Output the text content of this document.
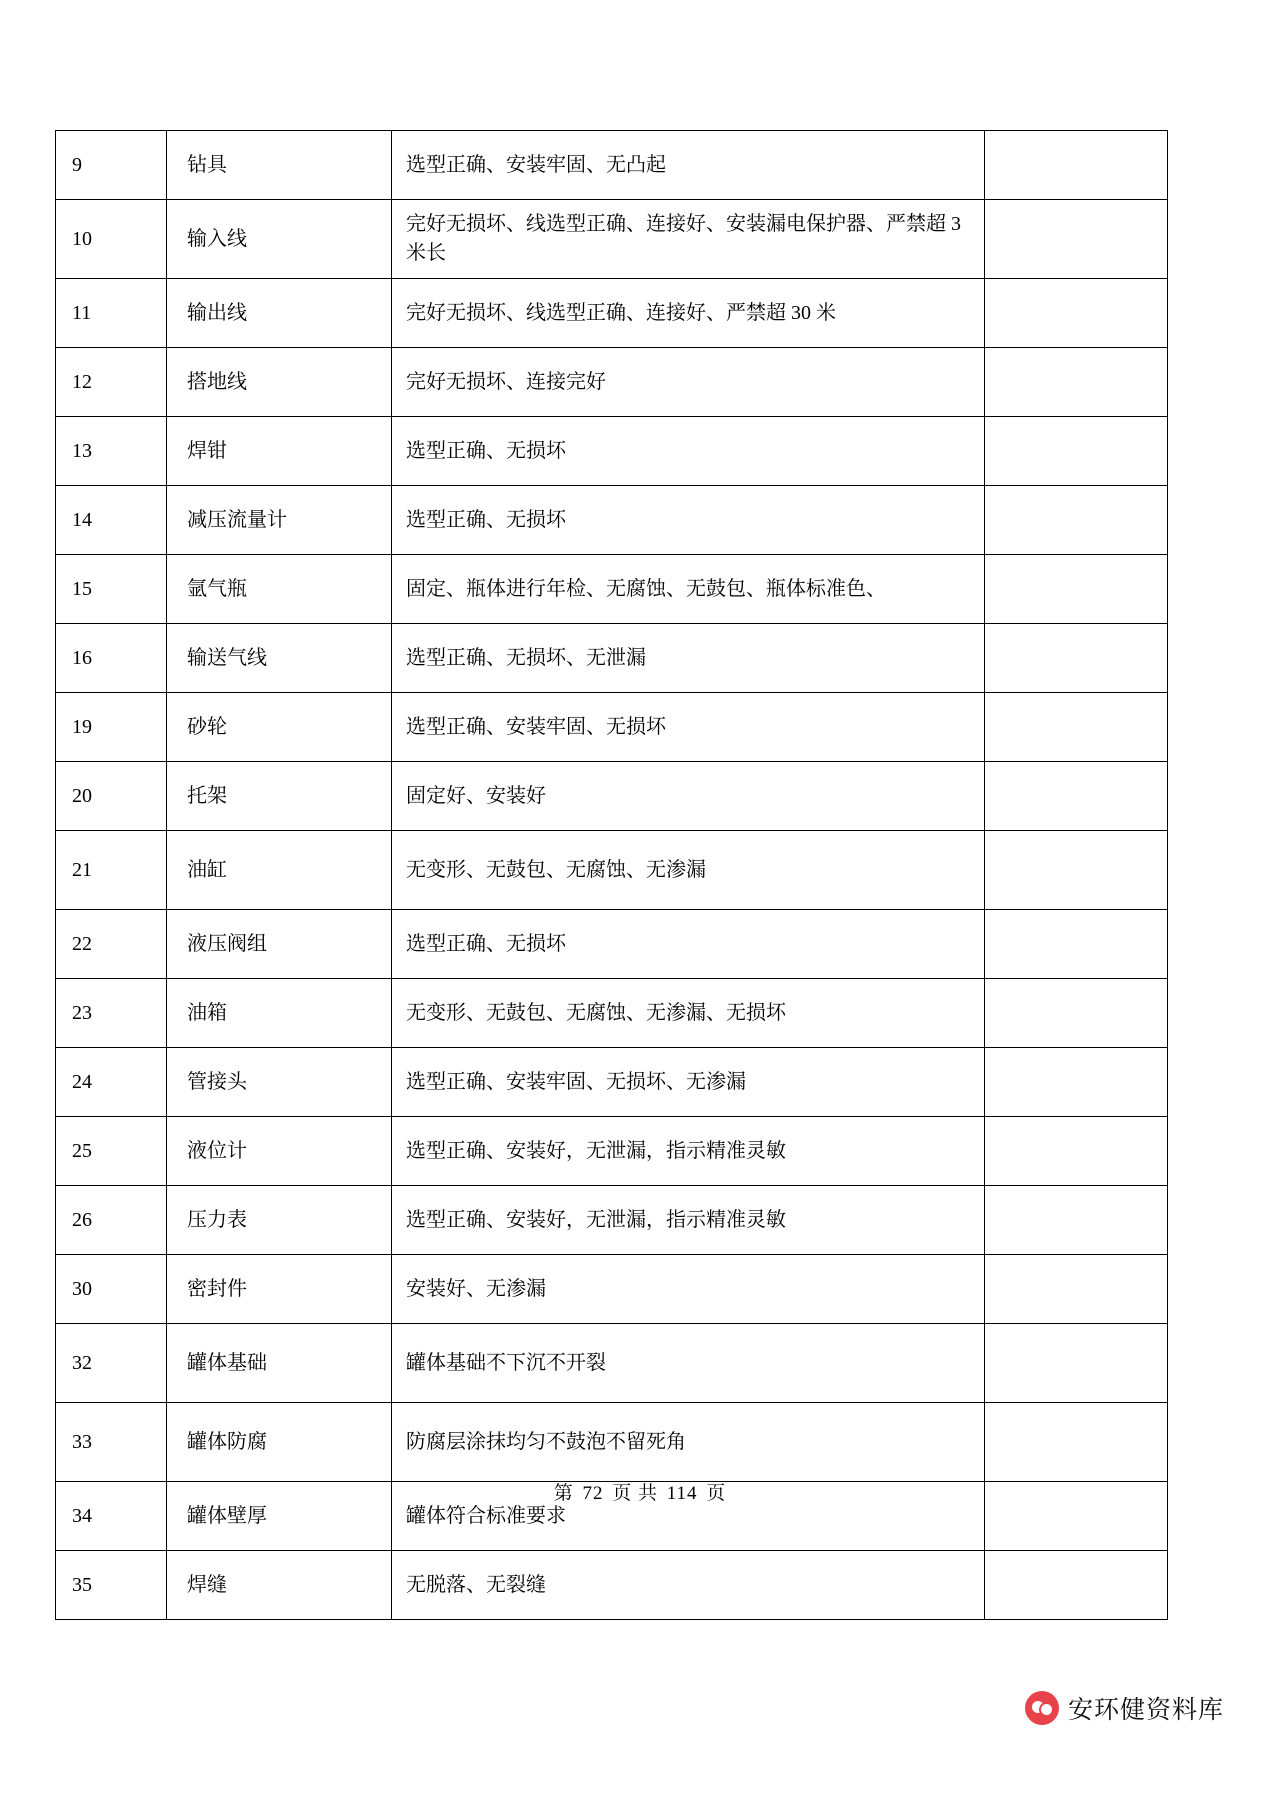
9	钻具	选型正确、安装牢固、无凸起	
10	输入线	完好无损坏、线选型正确、连接好、安装漏电保护器、严禁超 3 米长	
11	输出线	完好无损坏、线选型正确、连接好、严禁超 30 米	
12	搭地线	完好无损坏、连接完好	
13	焊钳	选型正确、无损坏	
14	减压流量计	选型正确、无损坏	
15	氩气瓶	固定、瓶体进行年检、无腐蚀、无鼓包、瓶体标准色、	
16	输送气线	选型正确、无损坏、无泄漏	
19	砂轮	选型正确、安装牢固、无损坏	
20	托架	固定好、安装好	
21	油缸	无变形、无鼓包、无腐蚀、无渗漏	
22	液压阀组	选型正确、无损坏	
23	油箱	无变形、无鼓包、无腐蚀、无渗漏、无损坏	
24	管接头	选型正确、安装牢固、无损坏、无渗漏	
25	液位计	选型正确、安装好，无泄漏，指示精准灵敏	
26	压力表	选型正确、安装好，无泄漏，指示精准灵敏	
30	密封件	安装好、无渗漏	
32	罐体基础	罐体基础不下沉不开裂	
33	罐体防腐	防腐层涂抹均匀不鼓泡不留死角	
34	罐体壁厚	罐体符合标准要求	
35	焊缝	无脱落、无裂缝	
第 72 页 共 114 页
安环健资料库
